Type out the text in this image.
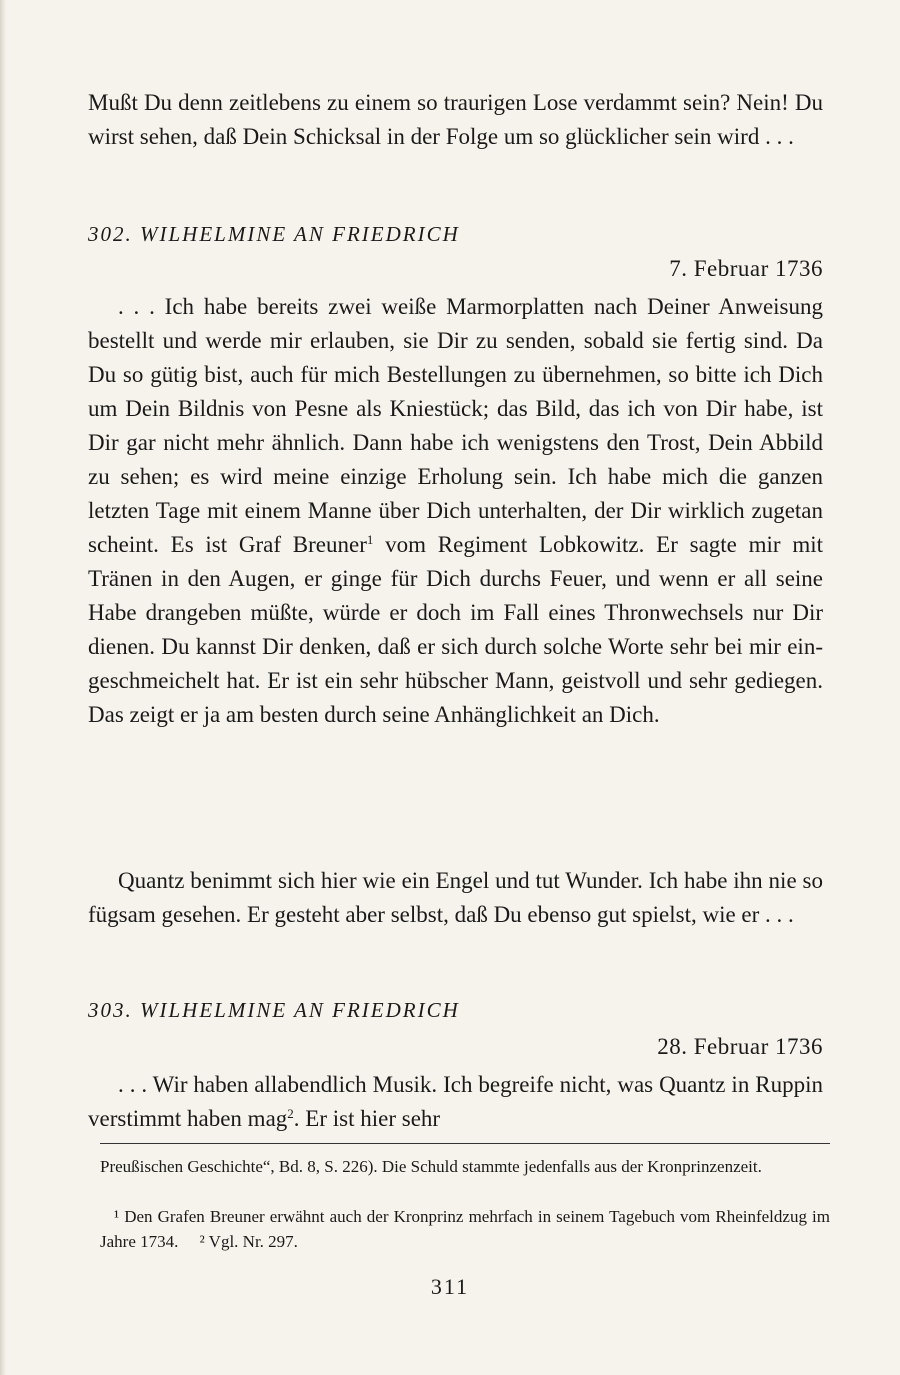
Mußt Du denn zeitlebens zu einem so traurigen Lose verdammt sein? Nein! Du wirst sehen, daß Dein Schicksal in der Folge um so glücklicher sein wird . . .

302. WILHELMINE AN FRIEDRICH

7. Februar 1736

. . . Ich habe bereits zwei weiße Marmorplatten nach Deiner Anweisung bestellt und werde mir erlauben, sie Dir zu senden, sobald sie fertig sind. Da Du so gütig bist, auch für mich Bestellungen zu übernehmen, so bitte ich Dich um Dein Bildnis von Pesne als Kniestück; das Bild, das ich von Dir habe, ist Dir gar nicht mehr ähnlich. Dann habe ich wenigstens den Trost, Dein Abbild zu sehen; es wird meine einzige Erholung sein. Ich habe mich die ganzen letzten Tage mit einem Manne über Dich unterhalten, der Dir wirklich zugetan scheint. Es ist Graf Breuner$^1$ vom Regiment Lobkowitz. Er sagte mir mit Tränen in den Augen, er ginge für Dich durchs Feuer, und wenn er all seine Habe drangeben müßte, würde er doch im Fall eines Thronwechsels nur Dir dienen. Du kannst Dir denken, daß er sich durch solche Worte sehr bei mir eingeschmeichelt hat. Er ist ein sehr hübscher Mann, geistvoll und sehr gediegen. Das zeigt er ja am besten durch seine Anhänglichkeit an Dich.

Quantz benimmt sich hier wie ein Engel und tut Wunder. Ich habe ihn nie so fügsam gesehen. Er gesteht aber selbst, daß Du ebenso gut spielst, wie er . . .

303. WILHELMINE AN FRIEDRICH

28. Februar 1736

. . . Wir haben allabendlich Musik. Ich begreife nicht, was Quantz in Ruppin verstimmt haben mag$^2$. Er ist hier sehr

Preußischen Geschichte“, Bd. 8, S. 226). Die Schuld stammte jedenfalls aus der Kronprinzenzeit.

¹ Den Grafen Breuner erwähnt auch der Kronprinz mehrfach in seinem Tagebuch vom Rheinfeldzug im Jahre 1734. ² Vgl. Nr. 297.

311
